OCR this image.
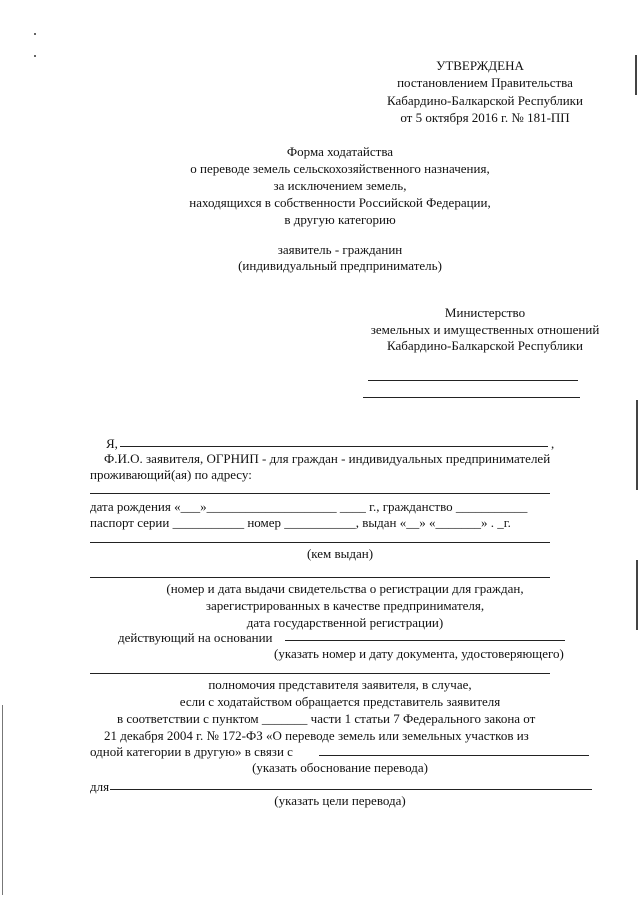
УТВЕРЖДЕНА
постановлением Правительства
Кабардино-Балкарской Республики
от 5 октября 2016 г. № 181-ПП
Форма ходатайства
о переводе земель сельскохозяйственного назначения,
за исключением земель,
находящихся в собственности Российской Федерации,
в другую категорию
заявитель - гражданин
(индивидуальный предприниматель)
Министерство
земельных и имущественных отношений
Кабардино-Балкарской Республики
Я,	,
Ф.И.О. заявителя, ОГРНИП - для граждан - индивидуальных предпринимателей
проживающий(ая) по адресу:
дата рождения «___»____________________ ____ г., гражданство ___________
паспорт серии ___________ номер ___________, выдан «__» «_______» . _г.
(кем выдан)
(номер и дата выдачи свидетельства о регистрации для граждан,
зарегистрированных в качестве предпринимателя,
дата государственной регистрации)
действующий на основании
(указать номер и дату документа, удостоверяющего)
полномочия представителя заявителя, в случае,
если с ходатайством обращается представитель заявителя
в соответствии с пунктом _______ части 1 статьи 7 Федерального закона от
21 декабря 2004 г. № 172-ФЗ «О переводе земель или земельных участков из
одной категории в другую» в связи с
(указать обоснование перевода)
для
(указать цели перевода)
